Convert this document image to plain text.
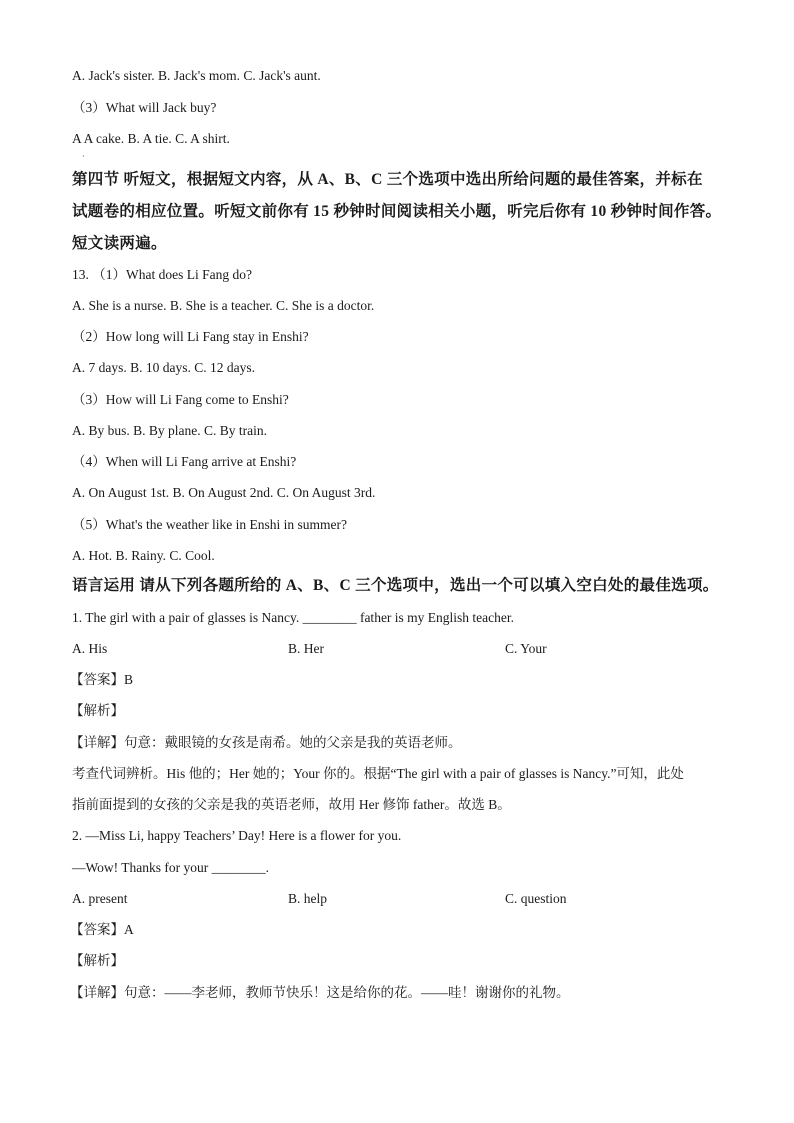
A. Jack's sister. B. Jack's mom. C. Jack's aunt.
（3）What will Jack buy?
A A cake. B. A tie. C. A shirt.
·
第四节 听短文，根据短文内容，从 A、B、C 三个选项中选出所给问题的最佳答案，并标在
试题卷的相应位置。听短文前你有 15 秒钟时间阅读相关小题，听完后你有 10 秒钟时间作答。
短文读两遍。
13. （1）What does Li Fang do?
A. She is a nurse. B. She is a teacher. C. She is a doctor.
（2）How long will Li Fang stay in Enshi?
A. 7 days. B. 10 days. C. 12 days.
（3）How will Li Fang come to Enshi?
A. By bus. B. By plane. C. By train.
（4）When will Li Fang arrive at Enshi?
A. On August 1st. B. On August 2nd. C. On August 3rd.
（5）What's the weather like in Enshi in summer?
A. Hot. B. Rainy. C. Cool.
语言运用 请从下列各题所给的 A、B、C 三个选项中，选出一个可以填入空白处的最佳选项。
1. The girl with a pair of glasses is Nancy. ________ father is my English teacher.
A. His	B. Her	C. Your
【答案】B
【解析】
【详解】句意：戴眼镜的女孩是南希。她的父亲是我的英语老师。
考查代词辨析。His 他的；Her 她的；Your 你的。根据“The girl with a pair of glasses is Nancy.”可知，此处
指前面提到的女孩的父亲是我的英语老师，故用 Her 修饰 father。故选 B。
2. —Miss Li, happy Teachers’ Day! Here is a flower for you.
—Wow! Thanks for your ________.
A. present	B. help	C. question
【答案】A
【解析】
【详解】句意：——李老师，教师节快乐！这是给你的花。——哇！谢谢你的礼物。
